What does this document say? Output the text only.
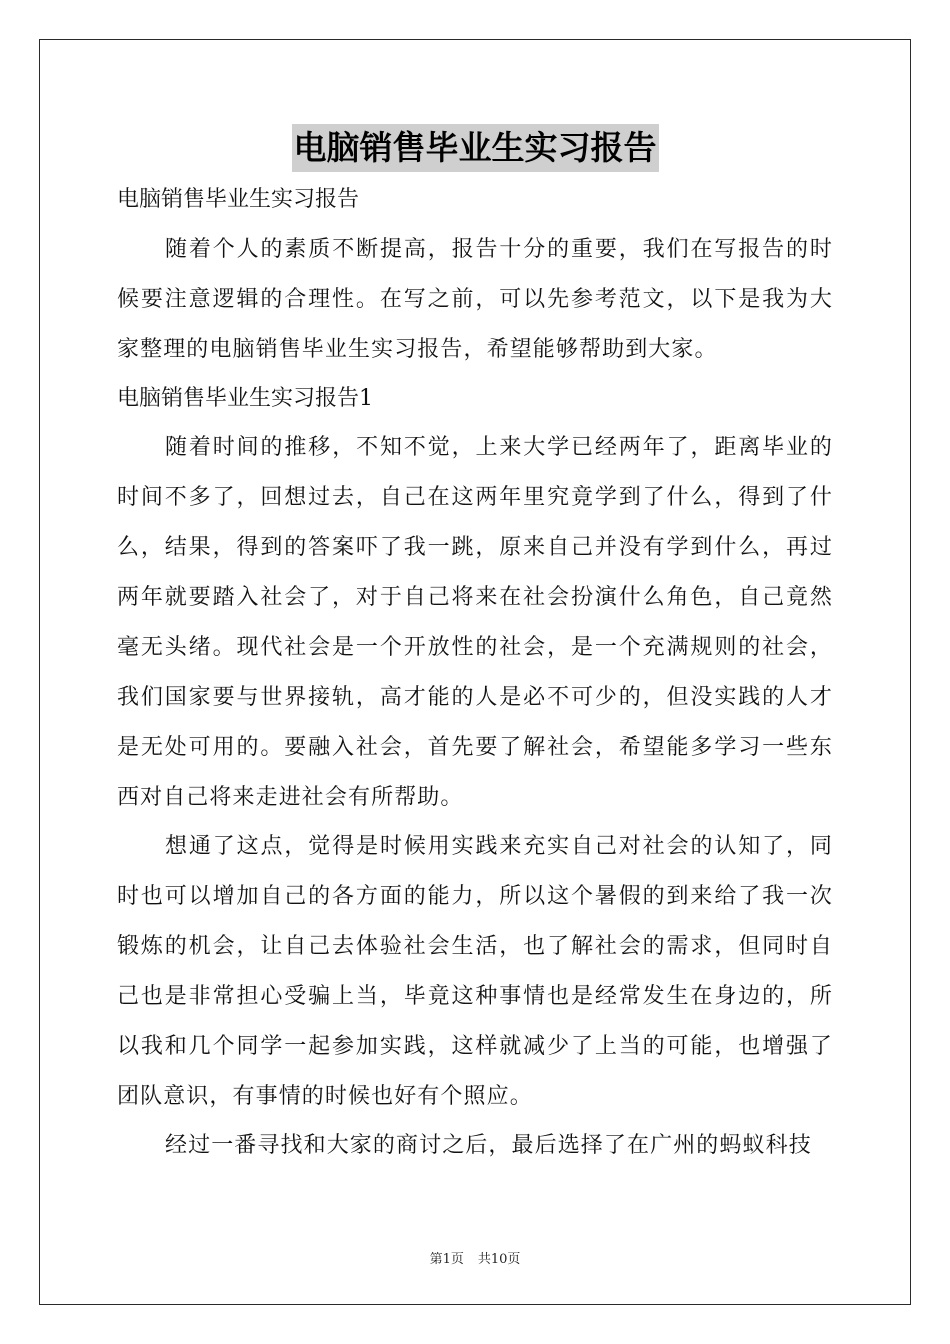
电脑销售毕业生实习报告
电脑销售毕业生实习报告
随着个人的素质不断提高，报告十分的重要，我们在写报告的时候要注意逻辑的合理性。在写之前，可以先参考范文，以下是我为大家整理的电脑销售毕业生实习报告，希望能够帮助到大家。
电脑销售毕业生实习报告1
随着时间的推移，不知不觉，上来大学已经两年了，距离毕业的时间不多了，回想过去，自己在这两年里究竟学到了什么，得到了什么，结果，得到的答案吓了我一跳，原来自己并没有学到什么，再过两年就要踏入社会了，对于自己将来在社会扮演什么角色，自己竟然毫无头绪。现代社会是一个开放性的社会，是一个充满规则的社会，我们国家要与世界接轨，高才能的人是必不可少的，但没实践的人才是无处可用的。要融入社会，首先要了解社会，希望能多学习一些东西对自己将来走进社会有所帮助。
想通了这点，觉得是时候用实践来充实自己对社会的认知了，同时也可以增加自己的各方面的能力，所以这个暑假的到来给了我一次锻炼的机会，让自己去体验社会生活，也了解社会的需求，但同时自己也是非常担心受骗上当，毕竟这种事情也是经常发生在身边的，所以我和几个同学一起参加实践，这样就减少了上当的可能，也增强了团队意识，有事情的时候也好有个照应。
经过一番寻找和大家的商讨之后，最后选择了在广州的蚂蚁科技
第1页 共10页
